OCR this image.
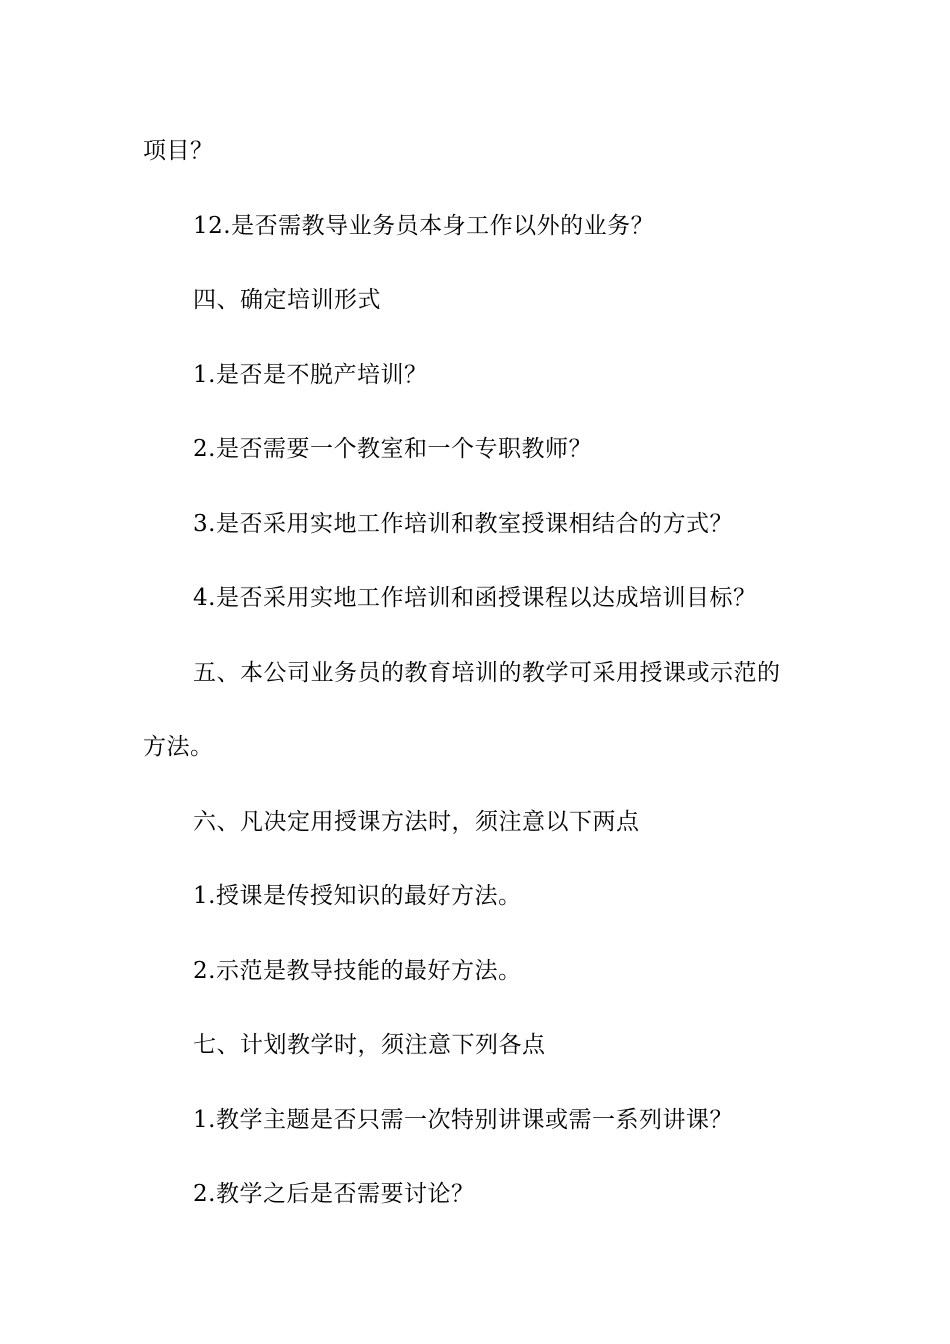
项目？
12.是否需教导业务员本身工作以外的业务？
四、确定培训形式
1.是否是不脱产培训？
2.是否需要一个教室和一个专职教师？
3.是否采用实地工作培训和教室授课相结合的方式？
4.是否采用实地工作培训和函授课程以达成培训目标？
五、本公司业务员的教育培训的教学可采用授课或示范的
方法。
六、凡决定用授课方法时，须注意以下两点
1.授课是传授知识的最好方法。
2.示范是教导技能的最好方法。
七、计划教学时，须注意下列各点
1.教学主题是否只需一次特别讲课或需一系列讲课？
2.教学之后是否需要讨论？
